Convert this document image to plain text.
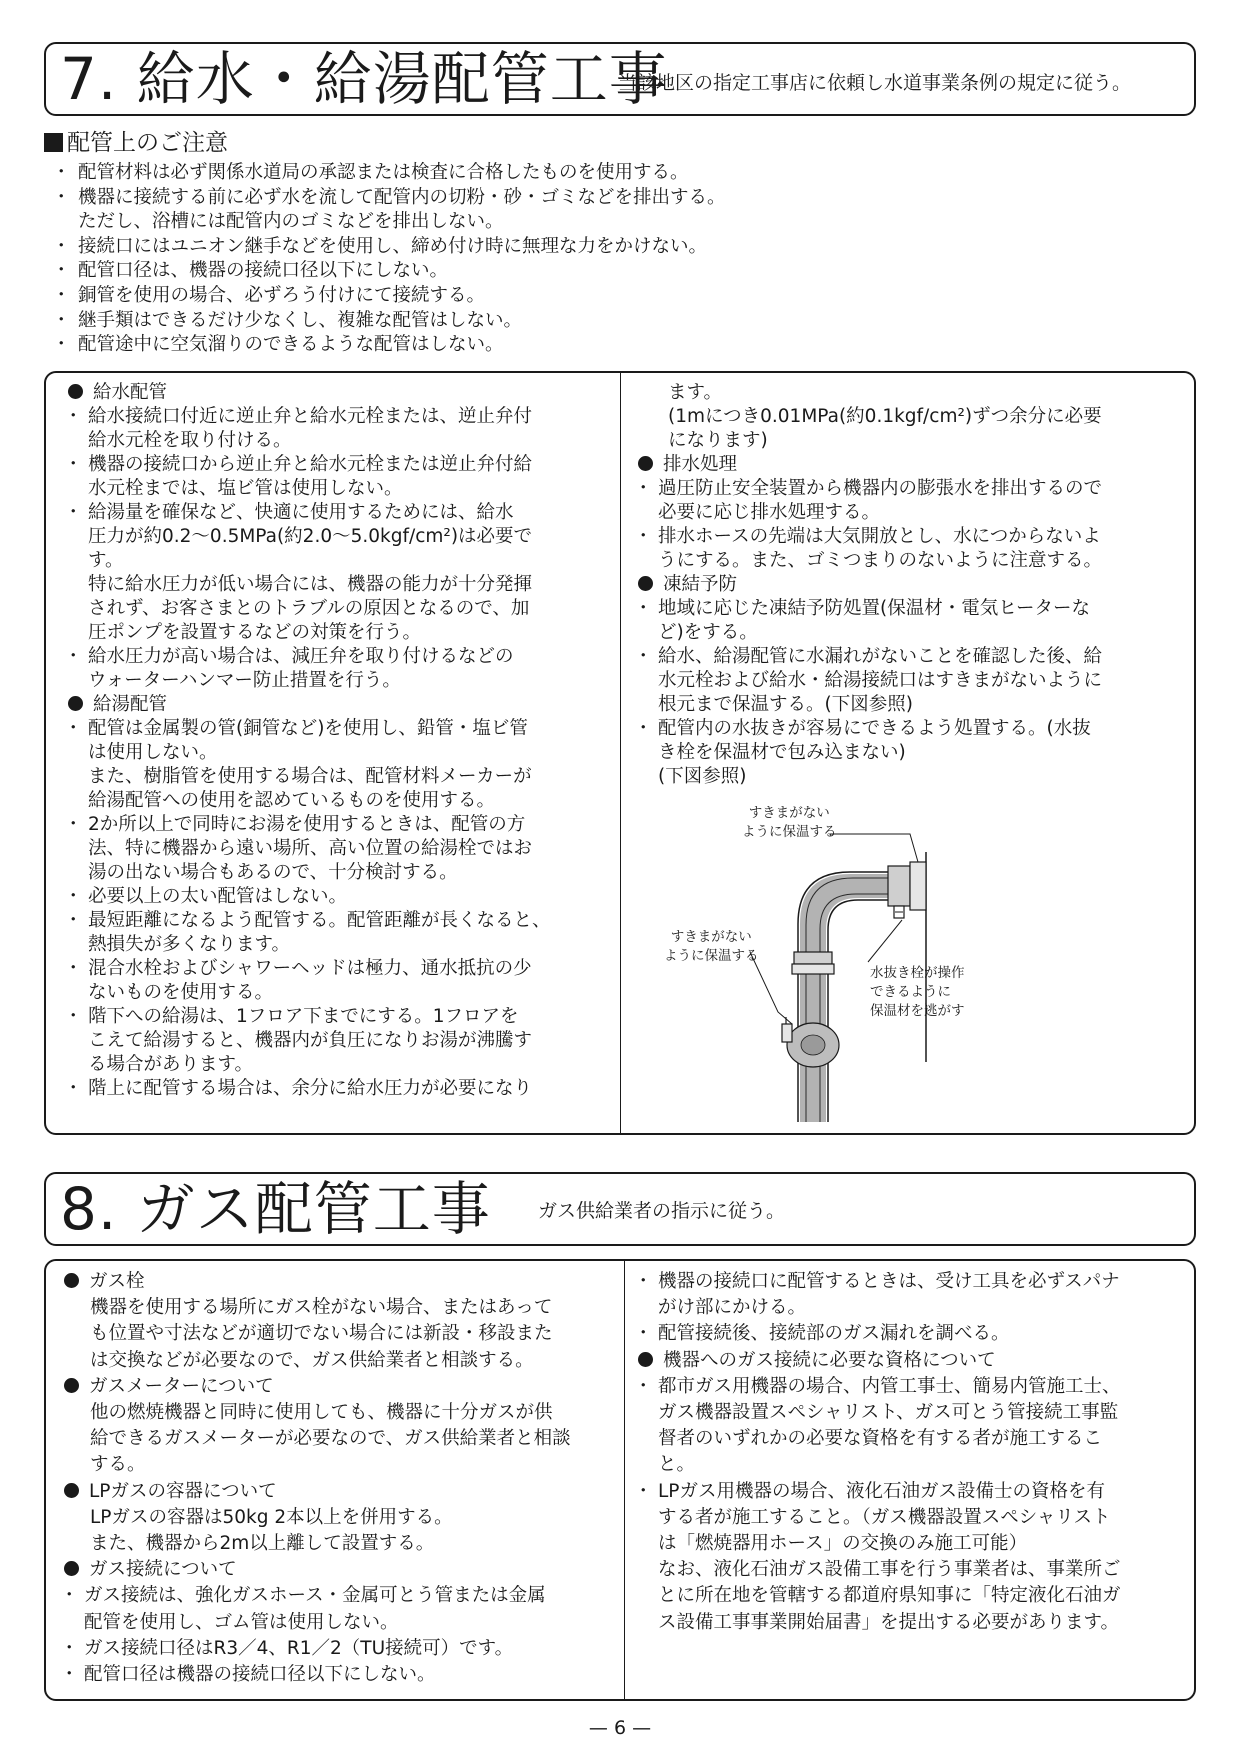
7. 給水・給湯配管工事
当該地区の指定工事店に依頼し水道事業条例の規定に従う。
配管上のご注意
・ 配管材料は必ず関係水道局の承認または検査に合格したものを使用する。
・ 機器に接続する前に必ず水を流して配管内の切粉・砂・ゴミなどを排出する。
ただし、浴槽には配管内のゴミなどを排出しない。
・ 接続口にはユニオン継手などを使用し、締め付け時に無理な力をかけない。
・ 配管口径は、機器の接続口径以下にしない。
・ 銅管を使用の場合、必ずろう付けにて接続する。
・ 継手類はできるだけ少なくし、複雑な配管はしない。
・ 配管途中に空気溜りのできるような配管はしない。
給水配管
・ 給水接続口付近に逆止弁と給水元栓または、逆止弁付
給水元栓を取り付ける。
・ 機器の接続口から逆止弁と給水元栓または逆止弁付給
水元栓までは、塩ビ管は使用しない。
・ 給湯量を確保など、快適に使用するためには、給水
圧力が約0.2～0.5MPa(約2.0～5.0kgf/cm²)は必要で
す。
特に給水圧力が低い場合には、機器の能力が十分発揮
されず、お客さまとのトラブルの原因となるので、加
圧ポンプを設置するなどの対策を行う。
・ 給水圧力が高い場合は、減圧弁を取り付けるなどの
ウォーターハンマー防止措置を行う。
給湯配管
・ 配管は金属製の管(銅管など)を使用し、鉛管・塩ビ管
は使用しない。
また、樹脂管を使用する場合は、配管材料メーカーが
給湯配管への使用を認めているものを使用する。
・ 2か所以上で同時にお湯を使用するときは、配管の方
法、特に機器から遠い場所、高い位置の給湯栓ではお
湯の出ない場合もあるので、十分検討する。
・ 必要以上の太い配管はしない。
・ 最短距離になるよう配管する。配管距離が長くなると、
熱損失が多くなります。
・ 混合水栓およびシャワーヘッドは極力、通水抵抗の少
ないものを使用する。
・ 階下への給湯は、1フロア下までにする。1フロアを
こえて給湯すると、機器内が負圧になりお湯が沸騰す
る場合があります。
・ 階上に配管する場合は、余分に給水圧力が必要になり

ます。
(1mにつき0.01MPa(約0.1kgf/cm²)ずつ余分に必要
になります)

排水処理
・ 過圧防止安全装置から機器内の膨張水を排出するので
必要に応じ排水処理する。
・ 排水ホースの先端は大気開放とし、水につからないよ
うにする。また、ゴミつまりのないように注意する。
凍結予防
・ 地域に応じた凍結予防処置(保温材・電気ヒーターな
ど)をする。
・ 給水、給湯配管に水漏れがないことを確認した後、給
水元栓および給水・給湯接続口はすきまがないように
根元まで保温する。(下図参照)
・ 配管内の水抜きが容易にできるよう処置する。(水抜
き栓を保温材で包み込まない)
(下図参照)
すきまがない
ように保温する
すきまがない
ように保温する
水抜き栓が操作
できるように
保温材を逃がす
8. ガス配管工事 ガス供給業者の指示に従う。
ガス栓

機器を使用する場所にガス栓がない場合、またはあって
も位置や寸法などが適切でない場合には新設・移設また
は交換などが必要なので、ガス供給業者と相談する。

ガスメーターについて

他の燃焼機器と同時に使用しても、機器に十分ガスが供
給できるガスメーターが必要なので、ガス供給業者と相談
する。

LPガスの容器について

LPガスの容器は50kg 2本以上を併用する。
また、機器から2m以上離して設置する。

ガス接続について
・ ガス接続は、強化ガスホース・金属可とう管または金属
配管を使用し、ゴム管は使用しない。
・ ガス接続口径はR3／4、R1／2（TU接続可）です。
・ 配管口径は機器の接続口径以下にしない。
・ 機器の接続口に配管するときは、受け工具を必ずスパナ
がけ部にかける。
・ 配管接続後、接続部のガス漏れを調べる。
機器へのガス接続に必要な資格について
・ 都市ガス用機器の場合、内管工事士、簡易内管施工士、
ガス機器設置スペシャリスト、ガス可とう管接続工事監
督者のいずれかの必要な資格を有する者が施工するこ
と。
・ LPガス用機器の場合、液化石油ガス設備士の資格を有
する者が施工すること。（ガス機器設置スペシャリスト
は「燃焼器用ホース」の交換のみ施工可能）
なお、液化石油ガス設備工事を行う事業者は、事業所ご
とに所在地を管轄する都道府県知事に「特定液化石油ガ
ス設備工事事業開始届書」を提出する必要があります。
— 6 —
